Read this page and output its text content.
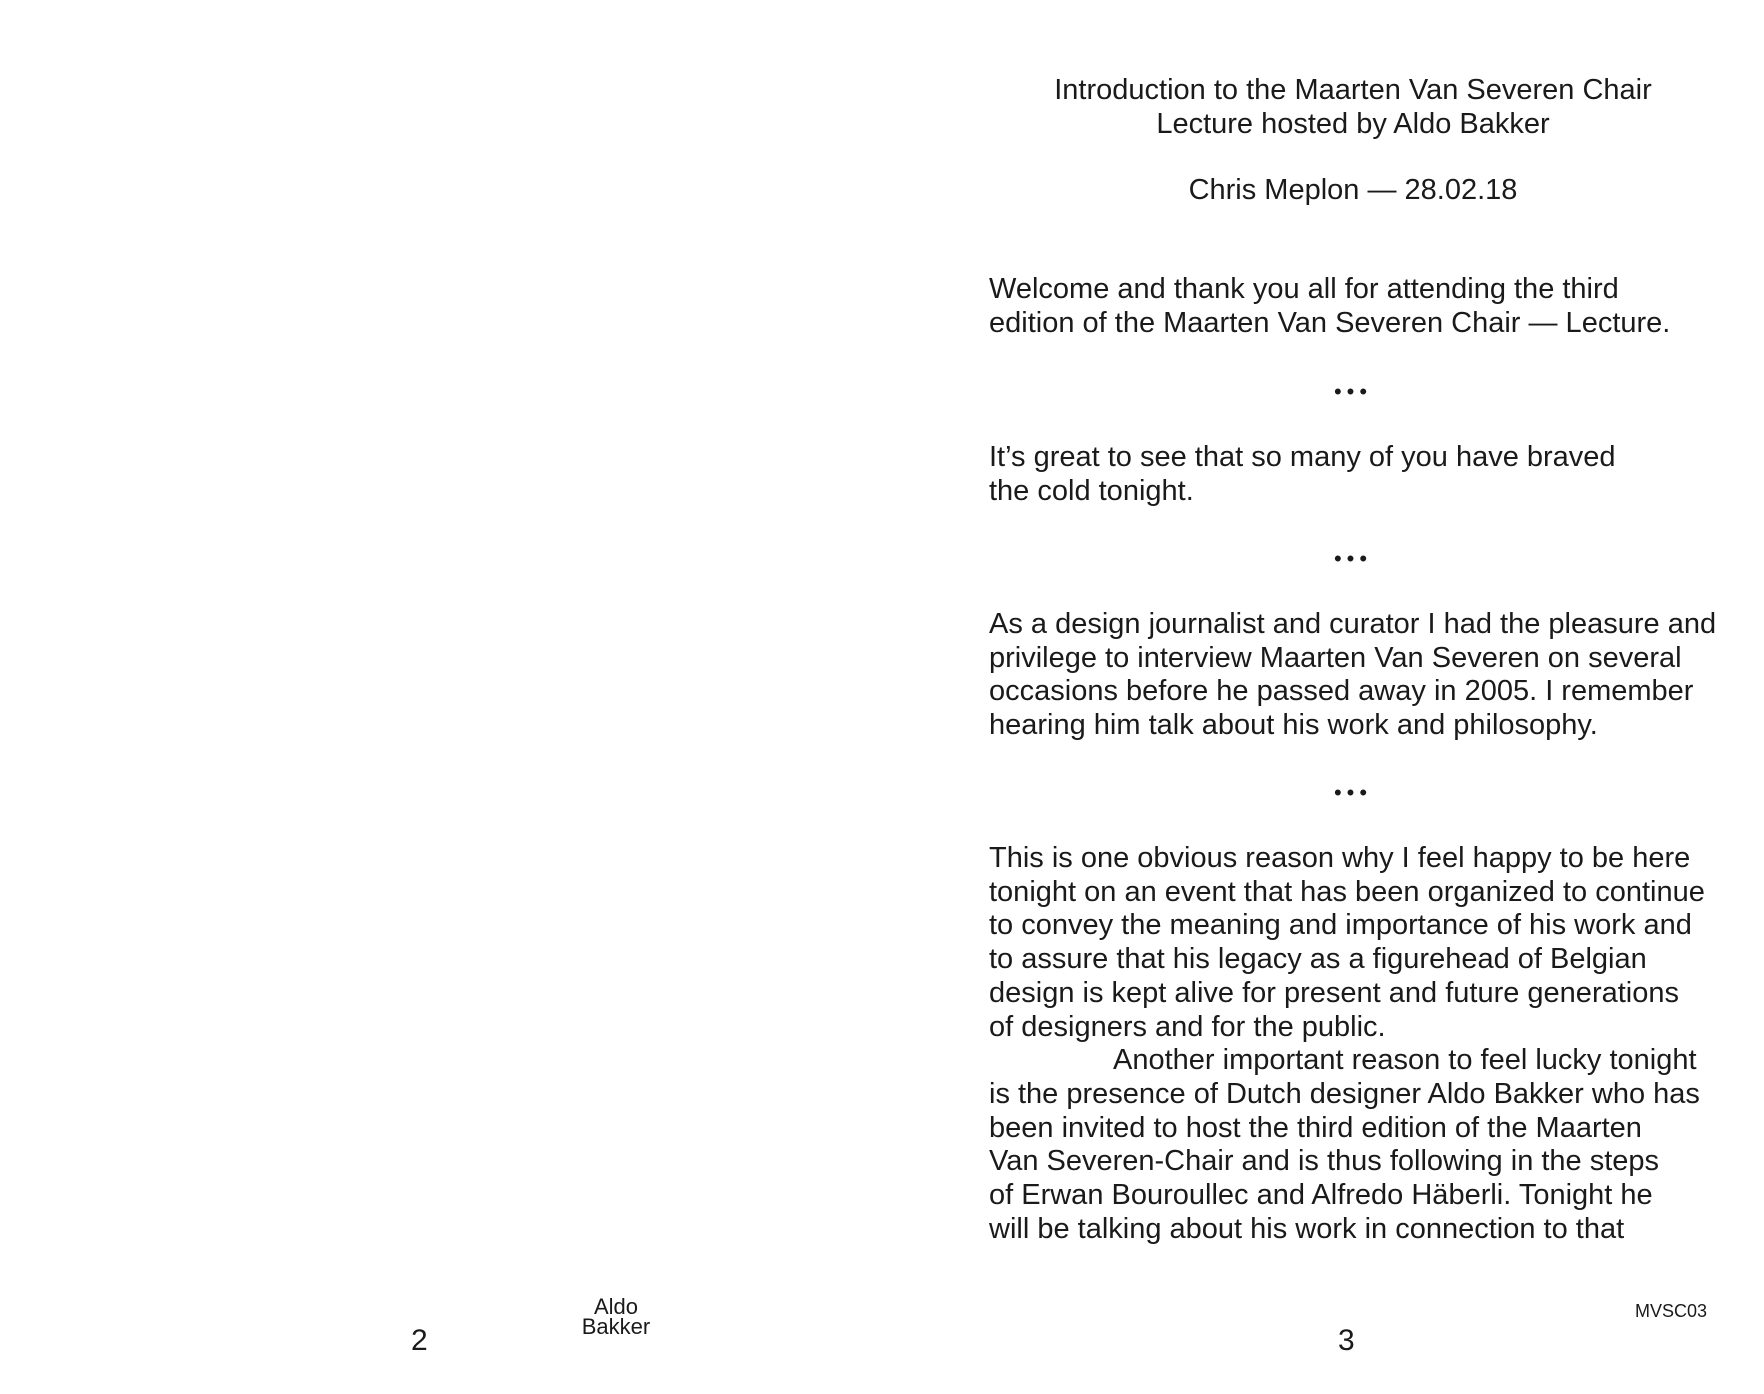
Aldo
Bakker
2
Introduction to the Maarten Van Severen Chair
Lecture hosted by Aldo Bakker
Chris Meplon — 28.02.18
Welcome and thank you all for attending the third
edition of the Maarten Van Severen Chair — Lecture.
•••
It’s great to see that so many of you have braved
the cold tonight.
•••
As a design journalist and curator I had the pleasure and
privilege to interview Maarten Van Severen on several
occasions before he passed away in 2005. I remember
hearing him talk about his work and philosophy.
•••
This is one obvious reason why I feel happy to be here
tonight on an event that has been organized to continue
to convey the meaning and importance of his work and
to assure that his legacy as a figurehead of Belgian
design is kept alive for present and future generations
of designers and for the public.
Another important reason to feel lucky tonight
is the presence of Dutch designer Aldo Bakker who has
been invited to host the third edition of the Maarten
Van Severen-Chair and is thus following in the steps
of Erwan Bouroullec and Alfredo Häberli. Tonight he
will be talking about his work in connection to that
MVSC03
3
